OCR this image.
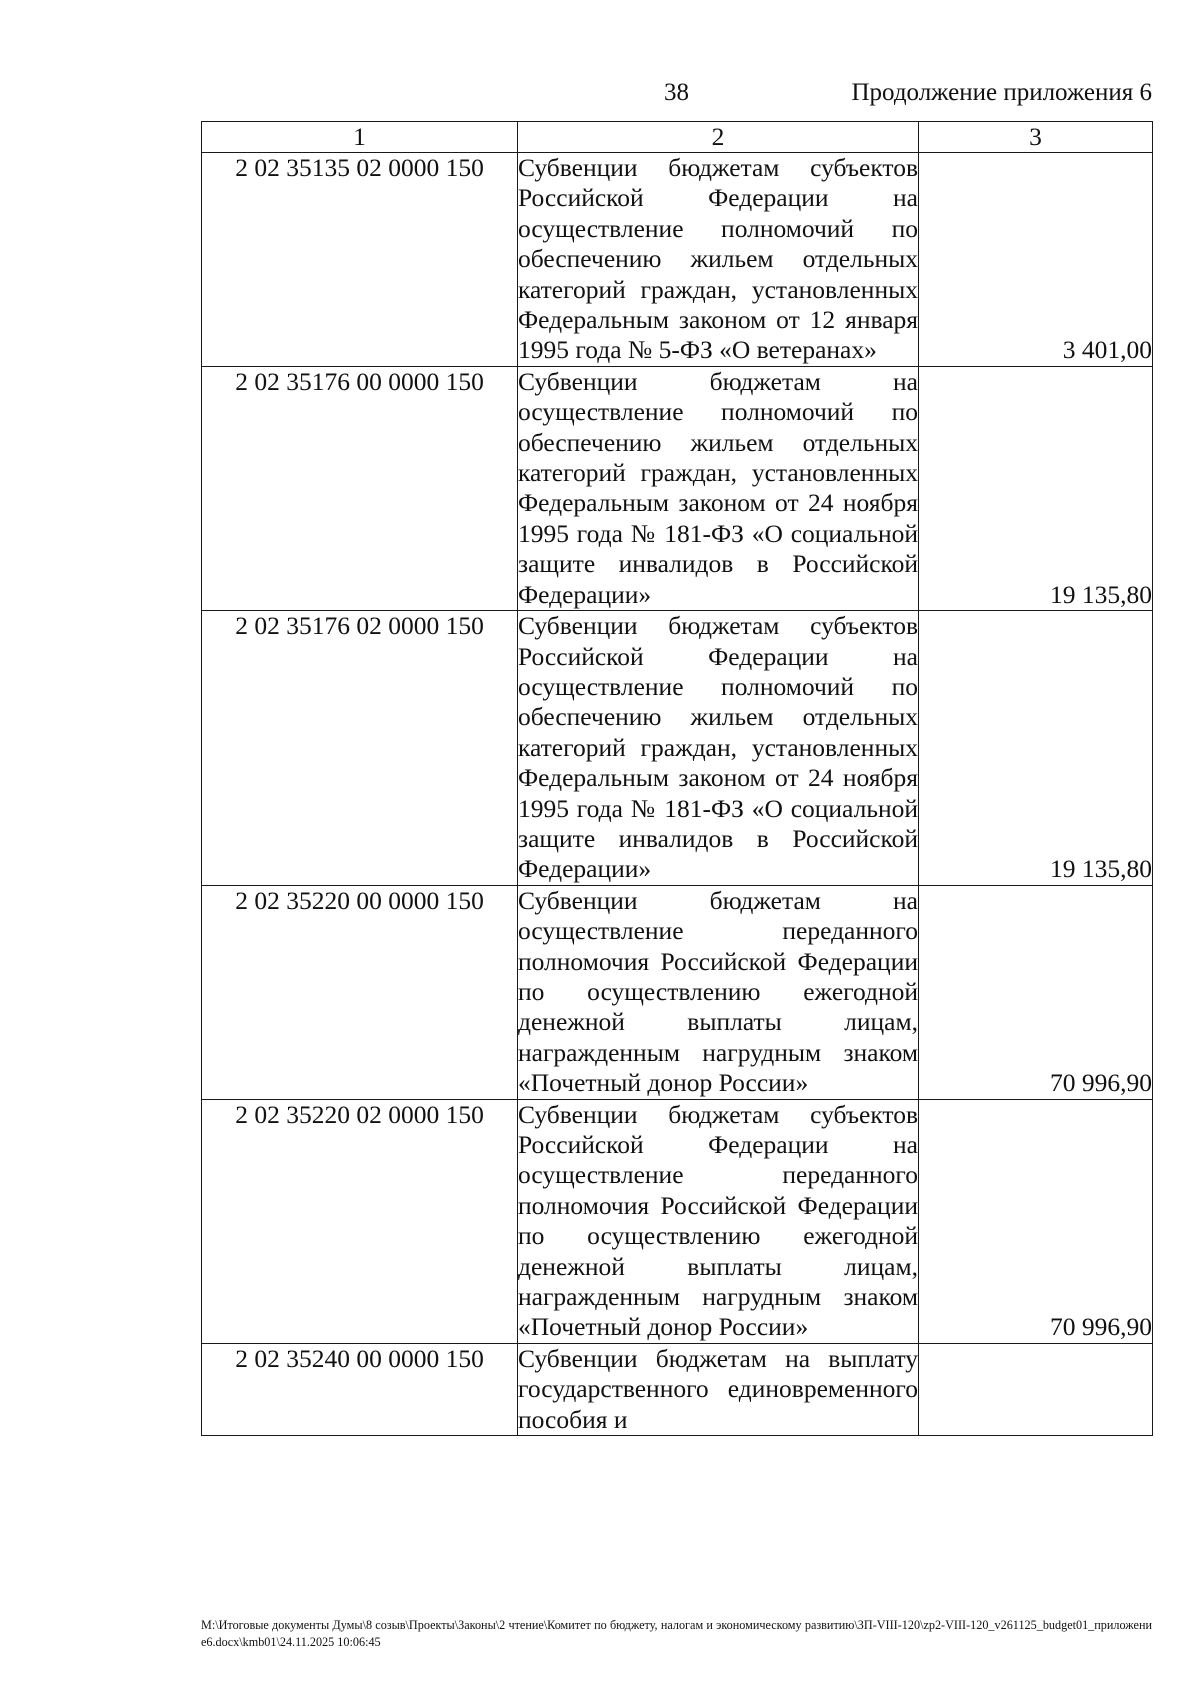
38	Продолжение приложения 6
1	2	3
2 02 35135 02 0000 150	Субвенции бюджетам субъектов Российской Федерации на осуществление полномочий по обеспечению жильем отдельных категорий граждан, установленных Федеральным законом от 12 января 1995 года № 5-ФЗ «О ветеранах»	3 401,00
2 02 35176 00 0000 150	Субвенции бюджетам на осуществление полномочий по обеспечению жильем отдельных категорий граждан, установленных Федеральным законом от 24 ноября 1995 года № 181-ФЗ «О социальной защите инвалидов в Российской Федерации»	19 135,80
2 02 35176 02 0000 150	Субвенции бюджетам субъектов Российской Федерации на осуществление полномочий по обеспечению жильем отдельных категорий граждан, установленных Федеральным законом от 24 ноября 1995 года № 181-ФЗ «О социальной защите инвалидов в Российской Федерации»	19 135,80
2 02 35220 00 0000 150	Субвенции бюджетам на осуществление переданного полномочия Российской Федерации по осуществлению ежегодной денежной выплаты лицам, награжденным нагрудным знаком «Почетный донор России»	70 996,90
2 02 35220 02 0000 150	Субвенции бюджетам субъектов Российской Федерации на осуществление переданного полномочия Российской Федерации по осуществлению ежегодной денежной выплаты лицам, награжденным нагрудным знаком «Почетный донор России»	70 996,90
2 02 35240 00 0000 150	Субвенции бюджетам на выплату государственного единовременного пособия и	
M:\Итоговые документы Думы\8 созыв\Проекты\Законы\2 чтение\Комитет по бюджету, налогам и экономическому развитию\ЗП-VIII-120\zp2-VIII-120_v261125_budget01_приложение6.docx\kmb01\24.11.2025 10:06:45
